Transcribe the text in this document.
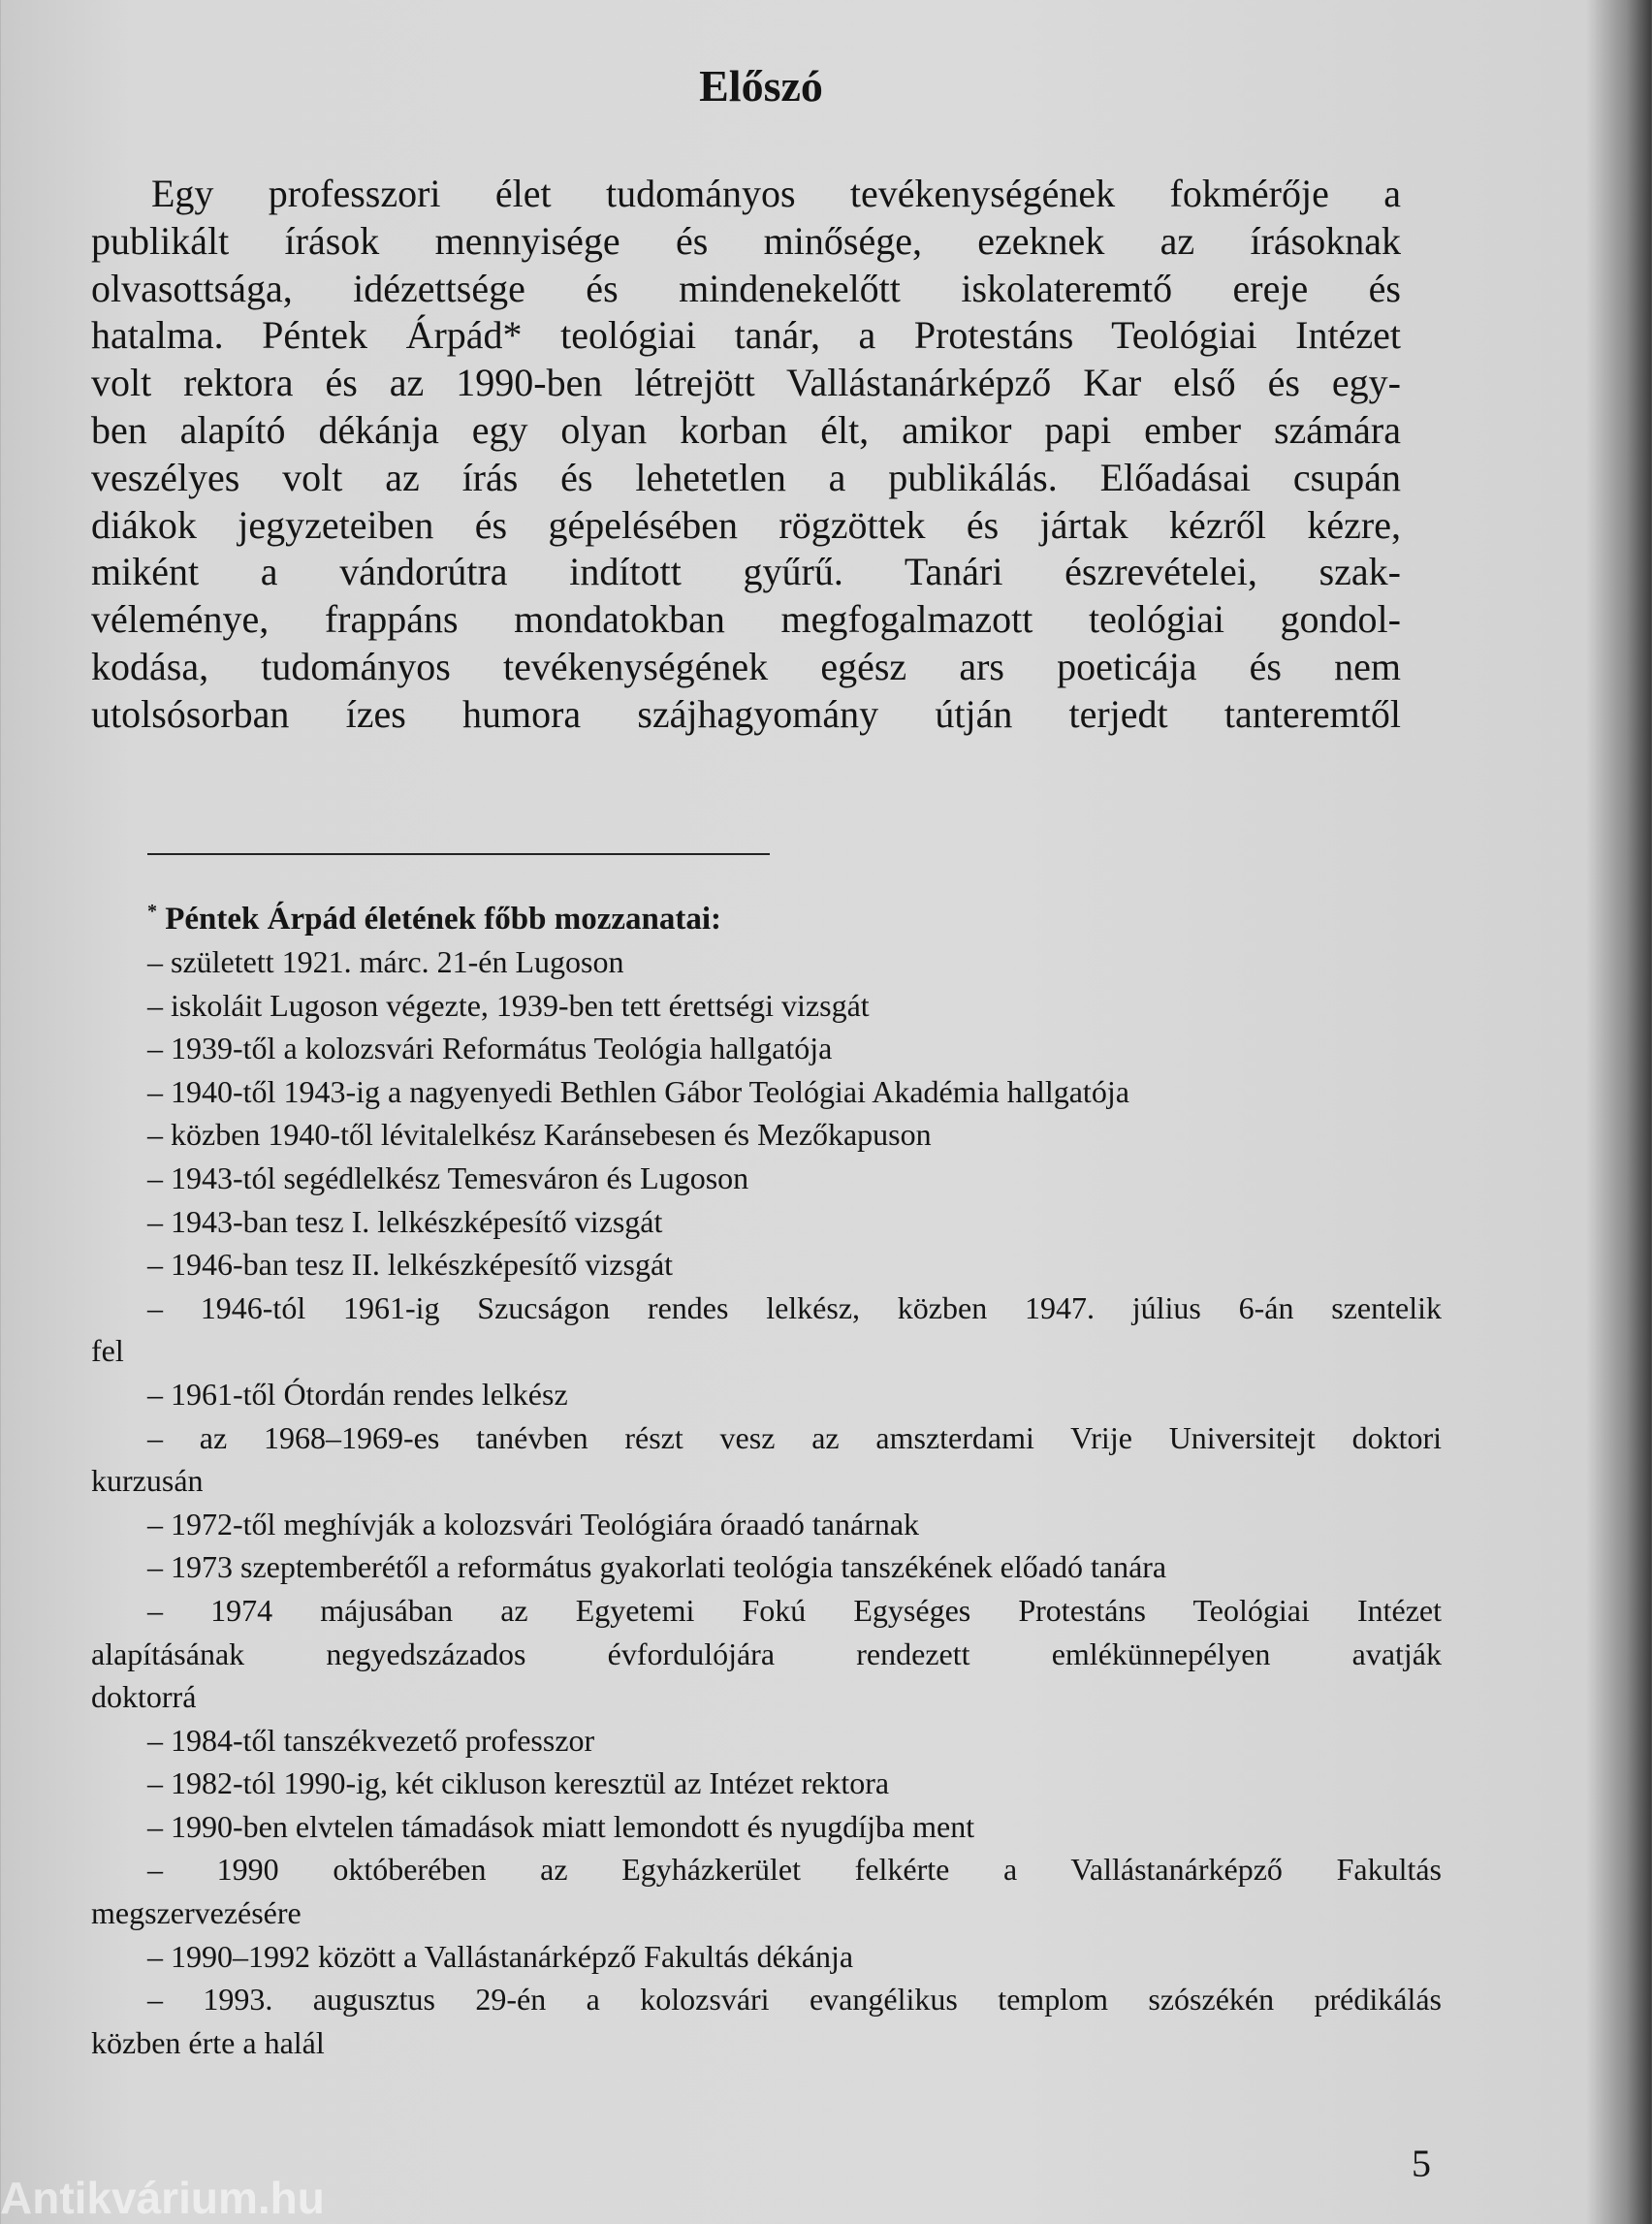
Előszó
Egy professzori élet tudományos tevékenységének fokmérője a
publikált írások mennyisége és minősége, ezeknek az írásoknak
olvasottsága, idézettsége és mindenekelőtt iskolateremtő ereje és
hatalma. Péntek Árpád* teológiai tanár, a Protestáns Teológiai Intézet
volt rektora és az 1990-ben létrejött Vallástanárképző Kar első és egy-
ben alapító dékánja egy olyan korban élt, amikor papi ember számára
veszélyes volt az írás és lehetetlen a publikálás. Előadásai csupán
diákok jegyzeteiben és gépelésében rögzöttek és jártak kézről kézre,
miként a vándorútra indított gyűrű. Tanári észrevételei, szak-
véleménye, frappáns mondatokban megfogalmazott teológiai gondol-
kodása, tudományos tevékenységének egész ars poeticája és nem
utolsósorban ízes humora szájhagyomány útján terjedt tanteremtől
* Péntek Árpád életének főbb mozzanatai:
– született 1921. márc. 21-én Lugoson
– iskoláit Lugoson végezte, 1939-ben tett érettségi vizsgát
– 1939-től a kolozsvári Református Teológia hallgatója
– 1940-től 1943-ig a nagyenyedi Bethlen Gábor Teológiai Akadémia hallgatója
– közben 1940-től lévitalelkész Karánsebesen és Mezőkapuson
– 1943-tól segédlelkész Temesváron és Lugoson
– 1943-ban tesz I. lelkészképesítő vizsgát
– 1946-ban tesz II. lelkészképesítő vizsgát
– 1946-tól 1961-ig Szucságon rendes lelkész, közben 1947. július 6-án szentelik
fel
– 1961-től Ótordán rendes lelkész
– az 1968–1969-es tanévben részt vesz az amszterdami Vrije Universitejt doktori
kurzusán
– 1972-től meghívják a kolozsvári Teológiára óraadó tanárnak
– 1973 szeptemberétől a református gyakorlati teológia tanszékének előadó tanára
– 1974 májusában az Egyetemi Fokú Egységes Protestáns Teológiai Intézet
alapításának negyedszázados évfordulójára rendezett emlékünnepélyen avatják
doktorrá
– 1984-től tanszékvezető professzor
– 1982-tól 1990-ig, két cikluson keresztül az Intézet rektora
– 1990-ben elvtelen támadások miatt lemondott és nyugdíjba ment
– 1990 októberében az Egyházkerület felkérte a Vallástanárképző Fakultás
megszervezésére
– 1990–1992 között a Vallástanárképző Fakultás dékánja
– 1993. augusztus 29-én a kolozsvári evangélikus templom szószékén prédikálás
közben érte a halál
5
Antikvárium.hu
